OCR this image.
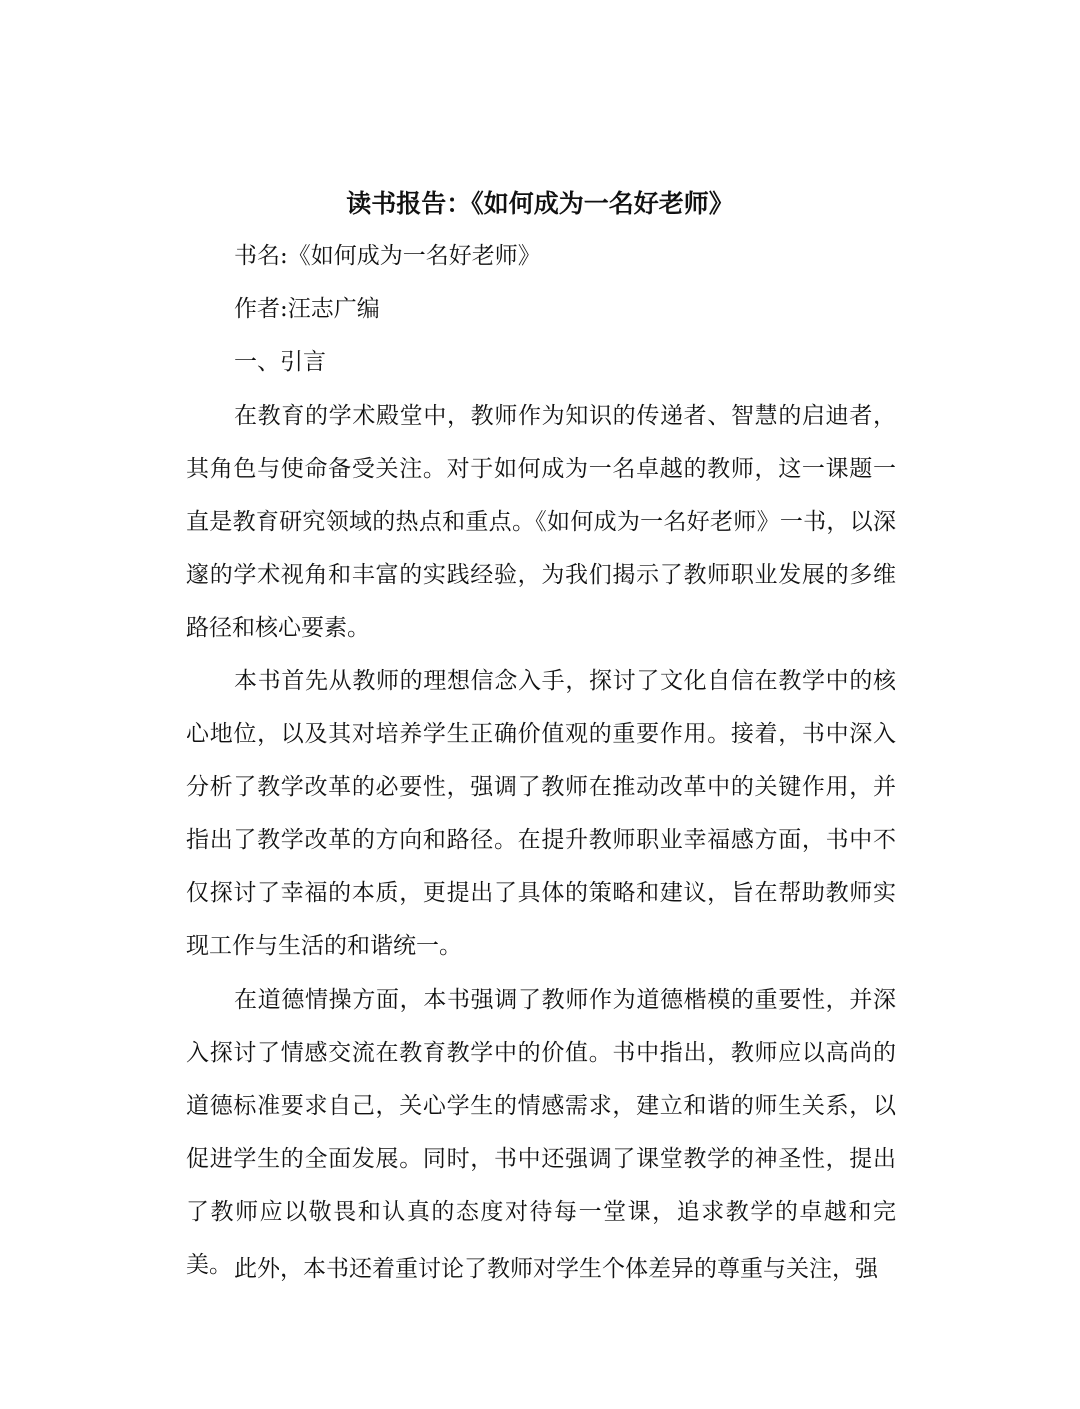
读书报告：《如何成为一名好老师》

书名:《如何成为一名好老师》

作者:汪志广编

一、引言

在教育的学术殿堂中，教师作为知识的传递者、智慧的启迪者，其角色与使命备受关注。对于如何成为一名卓越的教师，这一课题一直是教育研究领域的热点和重点。《如何成为一名好老师》一书，以深邃的学术视角和丰富的实践经验，为我们揭示了教师职业发展的多维路径和核心要素。

本书首先从教师的理想信念入手，探讨了文化自信在教学中的核心地位，以及其对培养学生正确价值观的重要作用。接着，书中深入分析了教学改革的必要性，强调了教师在推动改革中的关键作用，并指出了教学改革的方向和路径。在提升教师职业幸福感方面，书中不仅探讨了幸福的本质，更提出了具体的策略和建议，旨在帮助教师实现工作与生活的和谐统一。

在道德情操方面，本书强调了教师作为道德楷模的重要性，并深入探讨了情感交流在教育教学中的价值。书中指出，教师应以高尚的道德标准要求自己，关心学生的情感需求，建立和谐的师生关系，以促进学生的全面发展。同时，书中还强调了课堂教学的神圣性，提出了教师应以敬畏和认真的态度对待每一堂课，追求教学的卓越和完美。 此外，本书还着重讨论了教师对学生个体差异的尊重与关注，强
